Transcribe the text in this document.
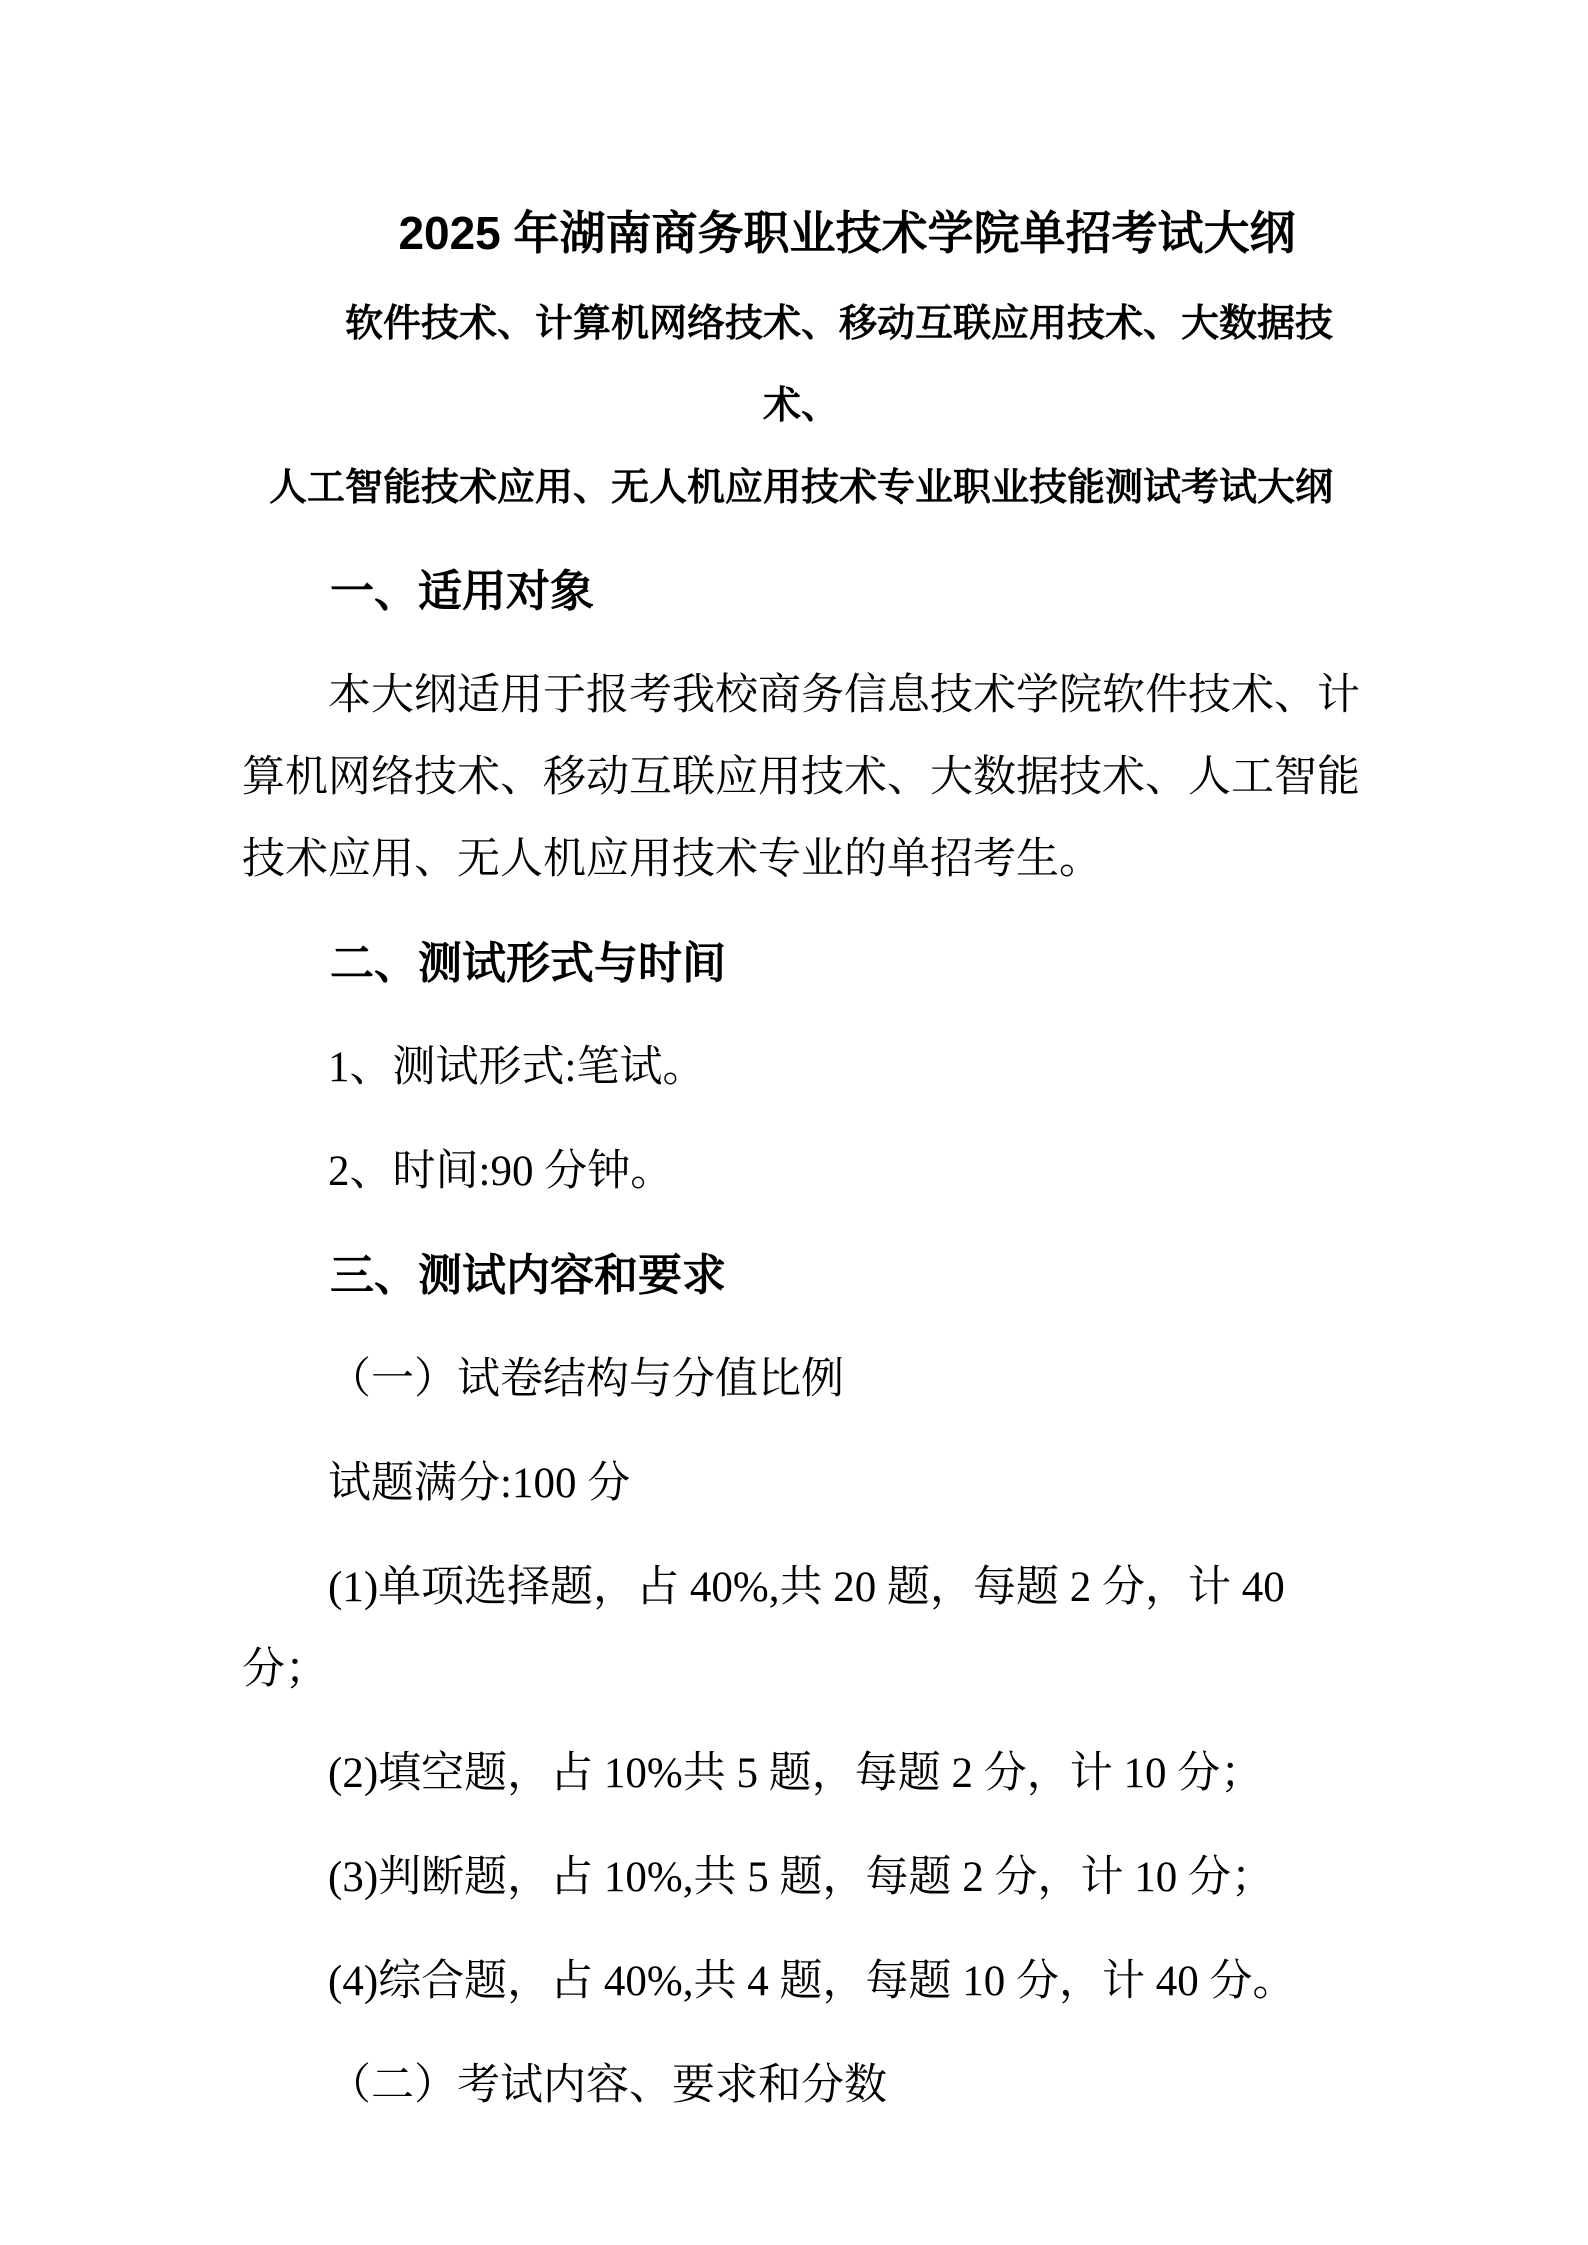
2025 年湖南商务职业技术学院单招考试大纲

软件技术、计算机网络技术、移动互联应用技术、大数据技术、
人工智能技术应用、无人机应用技术专业职业技能测试考试大纲

一、适用对象

本大纲适用于报考我校商务信息技术学院软件技术、计
算机网络技术、移动互联应用技术、大数据技术、人工智能
技术应用、无人机应用技术专业的单招考生。

二、测试形式与时间

1、测试形式:笔试。

2、时间:90 分钟。

三、测试内容和要求

（一）试卷结构与分值比例

试题满分:100 分

(1)单项选择题，占 40%,共 20 题，每题 2 分，计 40 分；

(2)填空题，占 10%共 5 题，每题 2 分，计 10 分；

(3)判断题，占 10%,共 5 题，每题 2 分，计 10 分；

(4)综合题，占 40%,共 4 题，每题 10 分，计 40 分。

（二）考试内容、要求和分数
